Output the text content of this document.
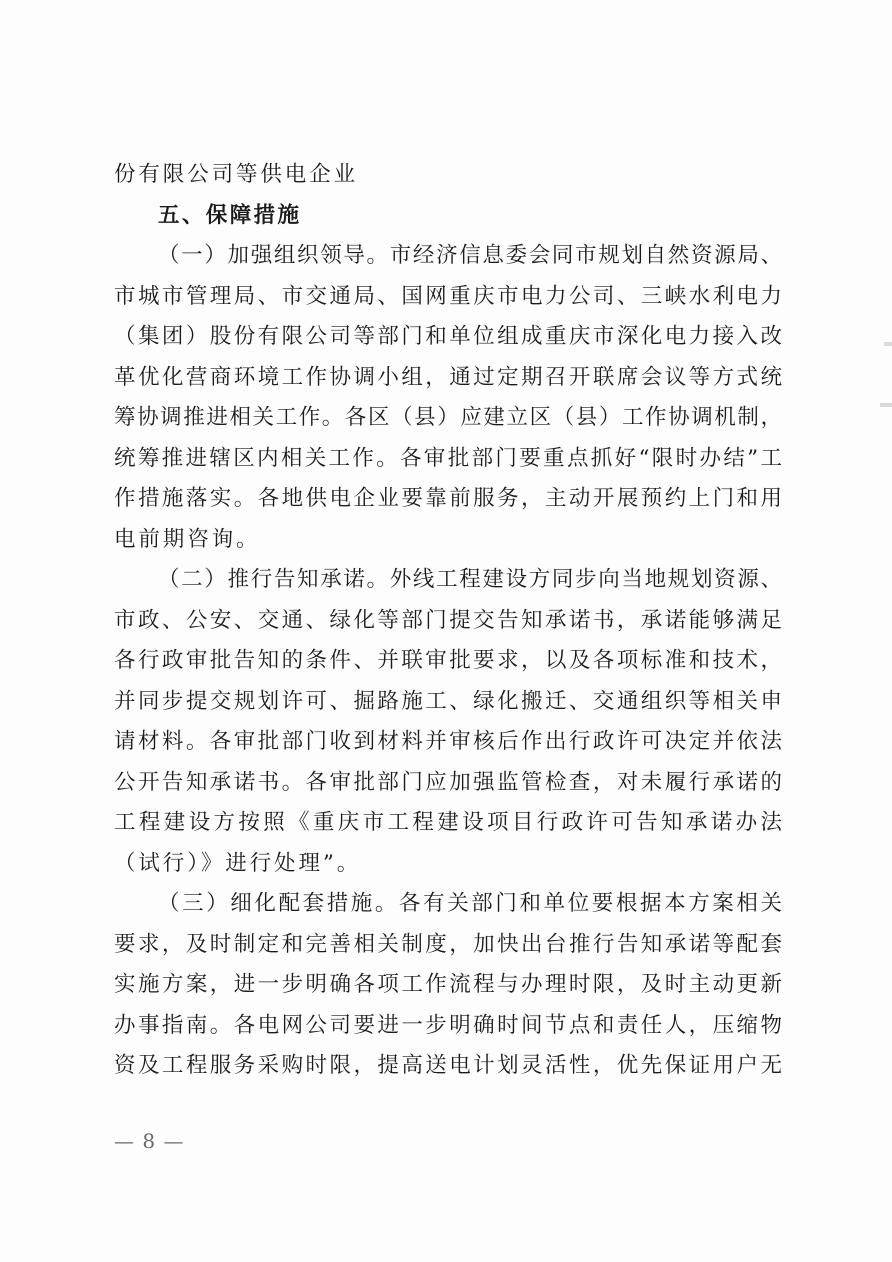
份有限公司等供电企业
五、保障措施
（一）加强组织领导。市经济信息委会同市规划自然资源局、
市城市管理局、市交通局、国网重庆市电力公司、三峡水利电力
（集团）股份有限公司等部门和单位组成重庆市深化电力接入改
革优化营商环境工作协调小组，通过定期召开联席会议等方式统
筹协调推进相关工作。各区（县）应建立区（县）工作协调机制，
统筹推进辖区内相关工作。各审批部门要重点抓好“限时办结”工
作措施落实。各地供电企业要靠前服务，主动开展预约上门和用
电前期咨询。
（二）推行告知承诺。外线工程建设方同步向当地规划资源、
市政、公安、交通、绿化等部门提交告知承诺书，承诺能够满足
各行政审批告知的条件、并联审批要求，以及各项标准和技术，
并同步提交规划许可、掘路施工、绿化搬迁、交通组织等相关申
请材料。各审批部门收到材料并审核后作出行政许可决定并依法
公开告知承诺书。各审批部门应加强监管检查，对未履行承诺的
工程建设方按照《重庆市工程建设项目行政许可告知承诺办法
（试行）》进行处理”。
（三）细化配套措施。各有关部门和单位要根据本方案相关
要求，及时制定和完善相关制度，加快出台推行告知承诺等配套
实施方案，进一步明确各项工作流程与办理时限，及时主动更新
办事指南。各电网公司要进一步明确时间节点和责任人，压缩物
资及工程服务采购时限，提高送电计划灵活性，优先保证用户无
— 8 —
